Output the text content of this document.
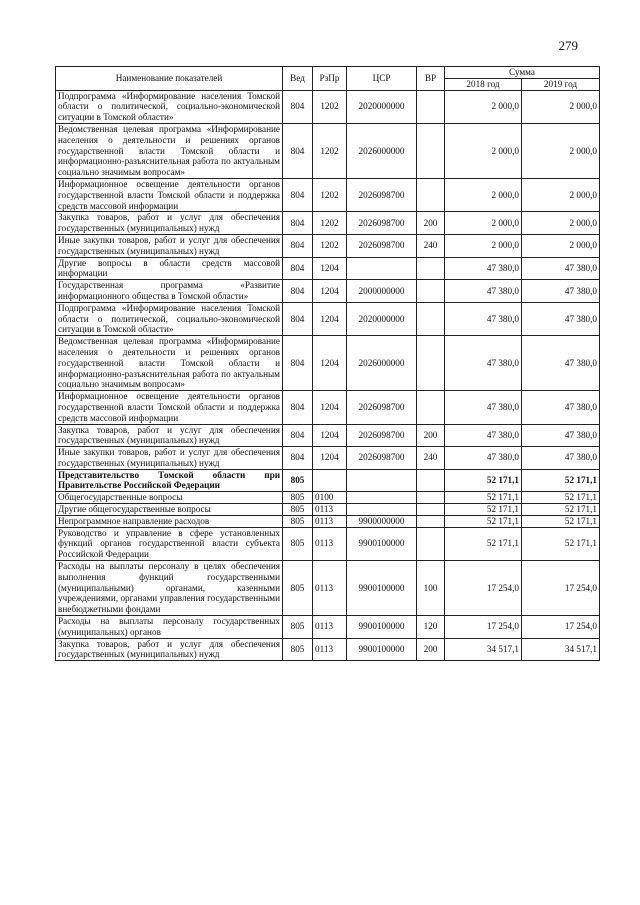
279
Наименование показателей	Вед	РзПр	ЦСР	ВР	Сумма	
					2018 год	2019 год
Подпрограмма «Информирование населения Томской области о политической, социально-экономической ситуации в Томской области»	804	1202	2020000000		2 000,0	2 000,0
Ведомственная целевая программа «Информирование населения о деятельности и решениях органов государственной власти Томской области и информационно-разъяснительная работа по актуальным социально значимым вопросам»	804	1202	2026000000		2 000,0	2 000,0
Информационное освещение деятельности органов государственной власти Томской области и поддержка средств массовой информации	804	1202	2026098700		2 000,0	2 000,0
Закупка товаров, работ и услуг для обеспечения государственных (муниципальных) нужд	804	1202	2026098700	200	2 000,0	2 000,0
Иные закупки товаров, работ и услуг для обеспечения государственных (муниципальных) нужд	804	1202	2026098700	240	2 000,0	2 000,0
Другие вопросы в области средств массовой информации	804	1204			47 380,0	47 380,0
Государственная программа «Развитие информационного общества в Томской области»	804	1204	2000000000		47 380,0	47 380,0
Подпрограмма «Информирование населения Томской области о политической, социально-экономической ситуации в Томской области»	804	1204	2020000000		47 380,0	47 380,0
Ведомственная целевая программа «Информирование населения о деятельности и решениях органов государственной власти Томской области и информационно-разъяснительная работа по актуальным социально значимым вопросам»	804	1204	2026000000		47 380,0	47 380,0
Информационное освещение деятельности органов государственной власти Томской области и поддержка средств массовой информации	804	1204	2026098700		47 380,0	47 380,0
Закупка товаров, работ и услуг для обеспечения государственных (муниципальных) нужд	804	1204	2026098700	200	47 380,0	47 380,0
Иные закупки товаров, работ и услуг для обеспечения государственных (муниципальных) нужд	804	1204	2026098700	240	47 380,0	47 380,0
Представительство Томской области при Правительстве Российской Федерации	805				52 171,1	52 171,1
Общегосударственные вопросы	805	0100			52 171,1	52 171,1
Другие общегосударственные вопросы	805	0113			52 171,1	52 171,1
Непрограммное направление расходов	805	0113	9900000000		52 171,1	52 171,1
Руководство и управление в сфере установленных функций органов государственной власти субъекта Российской Федерации	805	0113	9900100000		52 171,1	52 171,1
Расходы на выплаты персоналу в целях обеспечения выполнения функций государственными (муниципальными) органами, казенными учреждениями, органами управления государственными внебюджетными фондами	805	0113	9900100000	100	17 254,0	17 254,0
Расходы на выплаты персоналу государственных (муниципальных) органов	805	0113	9900100000	120	17 254,0	17 254,0
Закупка товаров, работ и услуг для обеспечения государственных (муниципальных) нужд	805	0113	9900100000	200	34 517,1	34 517,1
